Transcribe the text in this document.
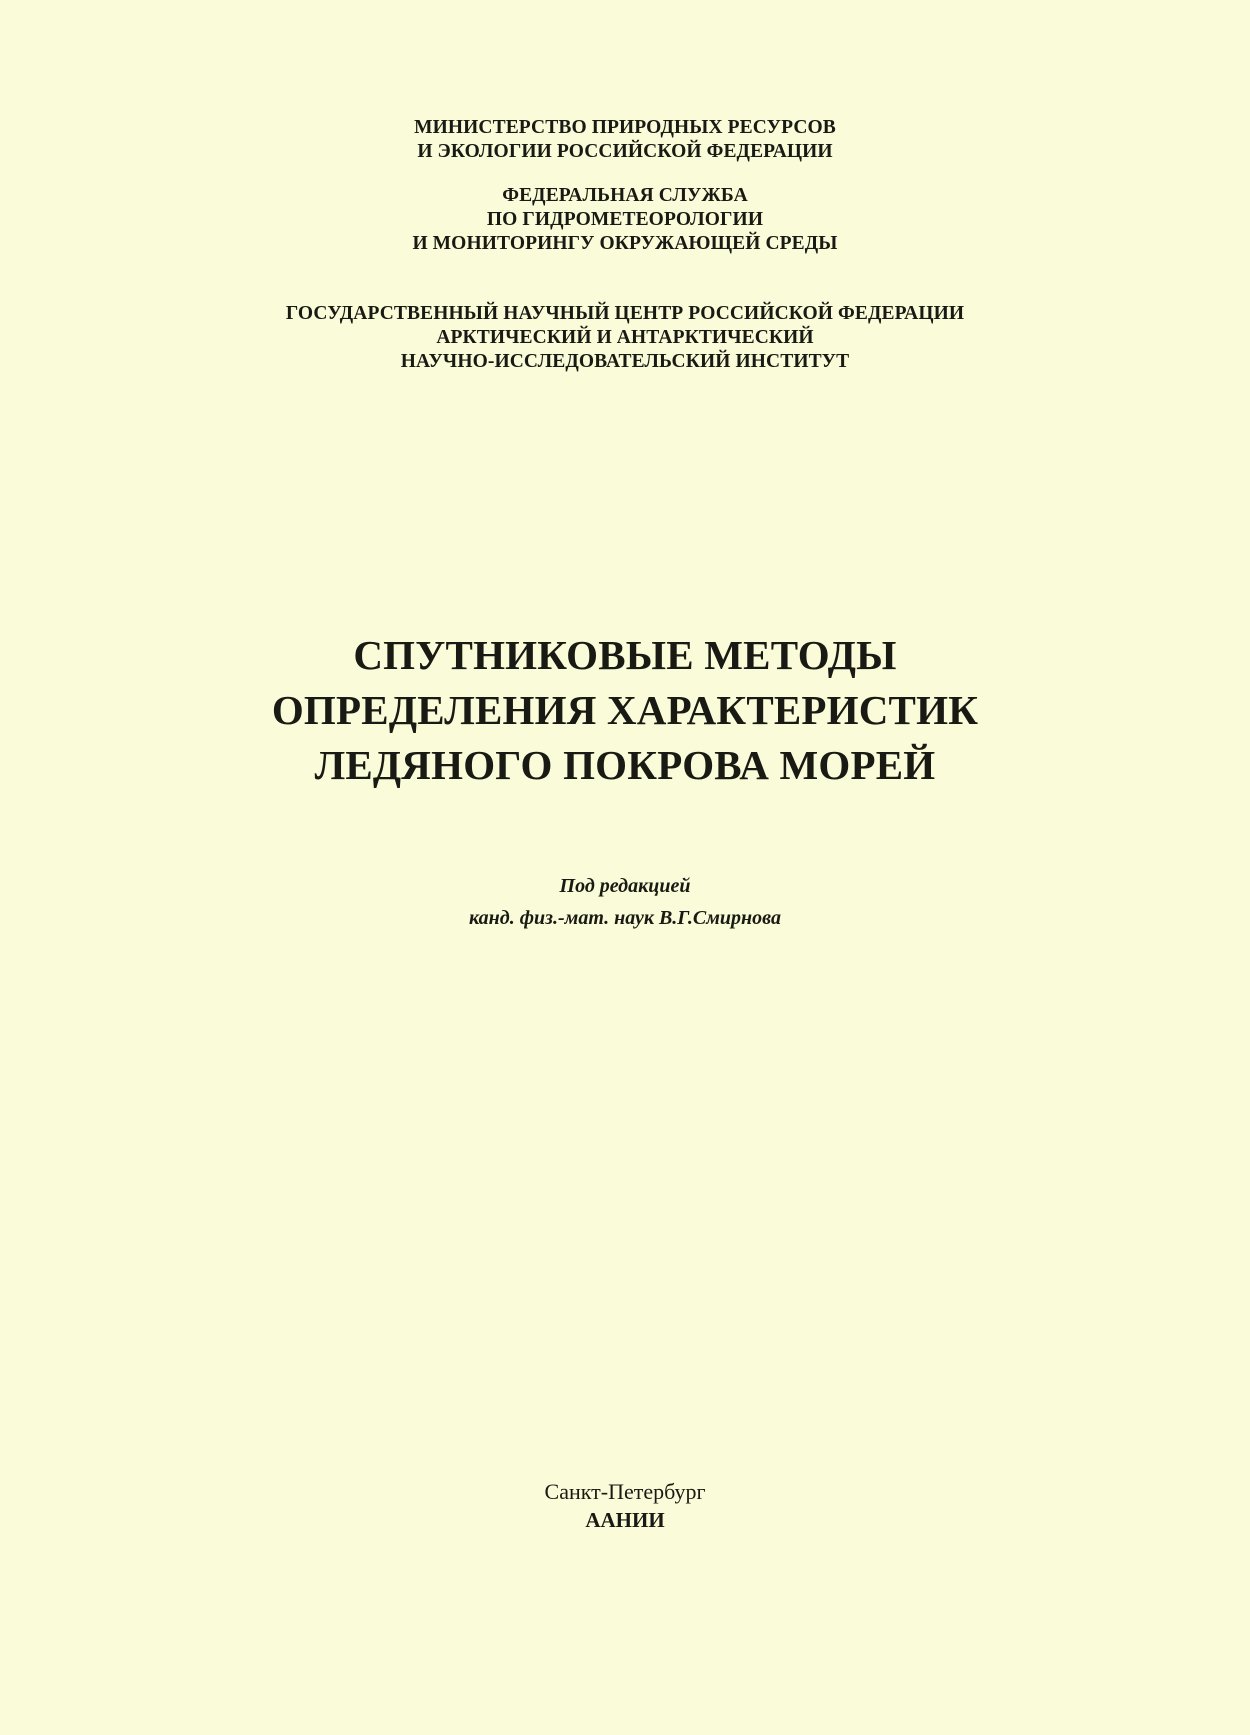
МИНИСТЕРСТВО ПРИРОДНЫХ РЕСУРСОВ
И ЭКОЛОГИИ РОССИЙСКОЙ ФЕДЕРАЦИИ
ФЕДЕРАЛЬНАЯ СЛУЖБА
ПО ГИДРОМЕТЕОРОЛОГИИ
И МОНИТОРИНГУ ОКРУЖАЮЩЕЙ СРЕДЫ
ГОСУДАРСТВЕННЫЙ НАУЧНЫЙ ЦЕНТР РОССИЙСКОЙ ФЕДЕРАЦИИ
АРКТИЧЕСКИЙ И АНТАРКТИЧЕСКИЙ
НАУЧНО-ИССЛЕДОВАТЕЛЬСКИЙ ИНСТИТУТ
СПУТНИКОВЫЕ МЕТОДЫ
ОПРЕДЕЛЕНИЯ ХАРАКТЕРИСТИК
ЛЕДЯНОГО ПОКРОВА МОРЕЙ
Под редакцией
канд. физ.-мат. наук В.Г.Смирнова
Санкт-Петербург
ААНИИ
